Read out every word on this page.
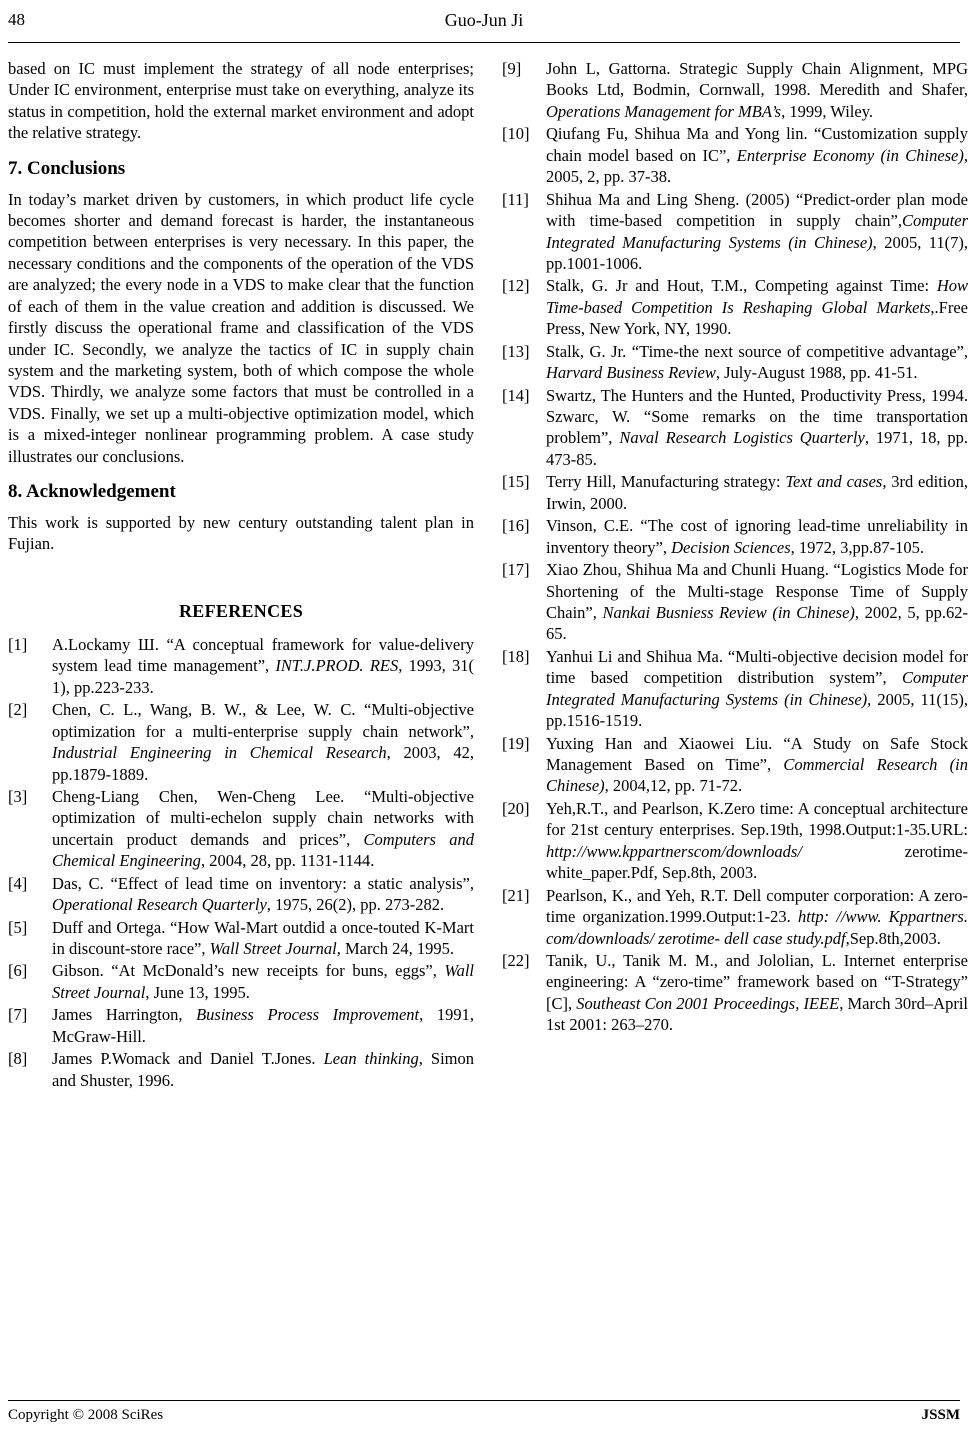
48	Guo-Jun Ji

based on IC must implement the strategy of all node enterprises; Under IC environment, enterprise must take on everything, analyze its status in competition, hold the external market environment and adopt the relative strategy.

7. Conclusions

In today’s market driven by customers, in which product life cycle becomes shorter and demand forecast is harder, the instantaneous competition between enterprises is very necessary. In this paper, the necessary conditions and the components of the operation of the VDS are analyzed; the every node in a VDS to make clear that the function of each of them in the value creation and addition is discussed. We firstly discuss the operational frame and classification of the VDS under IC. Secondly, we analyze the tactics of IC in supply chain system and the marketing system, both of which compose the whole VDS. Thirdly, we analyze some factors that must be controlled in a VDS. Finally, we set up a multi-objective optimization model, which is a mixed-integer nonlinear programming problem. A case study illustrates our conclusions.

8. Acknowledgement

This work is supported by new century outstanding talent plan in Fujian.

REFERENCES
[1]	A.Lockamy Ш. “A conceptual framework for value-delivery system lead time management”, INT.J.PROD. RES, 1993, 31( 1), pp.223-233.
[2]	Chen, C. L., Wang, B. W., & Lee, W. C. “Multi-objective optimization for a multi-enterprise supply chain network”, Industrial Engineering in Chemical Research, 2003, 42, pp.1879-1889.
[3]	Cheng-Liang Chen, Wen-Cheng Lee. “Multi-objective optimization of multi-echelon supply chain networks with uncertain product demands and prices”, Computers and Chemical Engineering, 2004, 28, pp. 1131-1144.
[4]	Das, C. “Effect of lead time on inventory: a static analysis”, Operational Research Quarterly, 1975, 26(2), pp. 273-282.
[5]	Duff and Ortega. “How Wal-Mart outdid a once-touted K-Mart in discount-store race”, Wall Street Journal, March 24, 1995.
[6]	Gibson. “At McDonald’s new receipts for buns, eggs”, Wall Street Journal, June 13, 1995.
[7]	James Harrington, Business Process Improvement, 1991, McGraw-Hill.
[8]	James P.Womack and Daniel T.Jones. Lean thinking, Simon and Shuster, 1996.
[9]	John L, Gattorna. Strategic Supply Chain Alignment, MPG Books Ltd, Bodmin, Cornwall, 1998. Meredith and Shafer, Operations Management for MBA’s, 1999, Wiley.
[10]	Qiufang Fu, Shihua Ma and Yong lin. “Customization supply chain model based on IC”, Enterprise Economy (in Chinese), 2005, 2, pp. 37-38.
[11]	Shihua Ma and Ling Sheng. (2005) “Predict-order plan mode with time-based competition in supply chain”,Computer Integrated Manufacturing Systems (in Chinese), 2005, 11(7), pp.1001-1006.
[12]	Stalk, G. Jr and Hout, T.M., Competing against Time: How Time-based Competition Is Reshaping Global Markets,.Free Press, New York, NY, 1990.
[13]	Stalk, G. Jr. “Time-the next source of competitive advantage”, Harvard Business Review, July-August 1988, pp. 41-51.
[14]	Swartz, The Hunters and the Hunted, Productivity Press, 1994. Szwarc, W. “Some remarks on the time transportation problem”, Naval Research Logistics Quarterly, 1971, 18, pp. 473-85.
[15]	Terry Hill, Manufacturing strategy: Text and cases, 3rd edition, Irwin, 2000.
[16]	Vinson, C.E. “The cost of ignoring lead-time unreliability in inventory theory”, Decision Sciences, 1972, 3,pp.87-105.
[17]	Xiao Zhou, Shihua Ma and Chunli Huang. “Logistics Mode for Shortening of the Multi-stage Response Time of Supply Chain”, Nankai Busniess Review (in Chinese), 2002, 5, pp.62-65.
[18]	Yanhui Li and Shihua Ma. “Multi-objective decision model for time based competition distribution system”, Computer Integrated Manufacturing Systems (in Chinese), 2005, 11(15), pp.1516-1519.
[19]	Yuxing Han and Xiaowei Liu. “A Study on Safe Stock Management Based on Time”, Commercial Research (in Chinese), 2004,12, pp. 71-72.
[20]	Yeh,R.T., and Pearlson, K.Zero time: A conceptual architecture for 21st century enterprises. Sep.19th, 1998.Output:1-35.URL: http://www.kppartnerscom/downloads/ zerotime-white_paper.Pdf, Sep.8th, 2003.
[21]	Pearlson, K., and Yeh, R.T. Dell computer corporation: A zero-time organization.1999.Output:1-23. http: //www. Kppartners. com/downloads/ zerotime- dell case study.pdf,Sep.8th,2003.
[22]	Tanik, U., Tanik M. M., and Jololian, L. Internet enterprise engineering: A “zero-time” framework based on “T-Strategy” [C], Southeast Con 2001 Proceedings, IEEE, March 30rd–April 1st 2001: 263–270.
Copyright © 2008 SciRes	JSSM
